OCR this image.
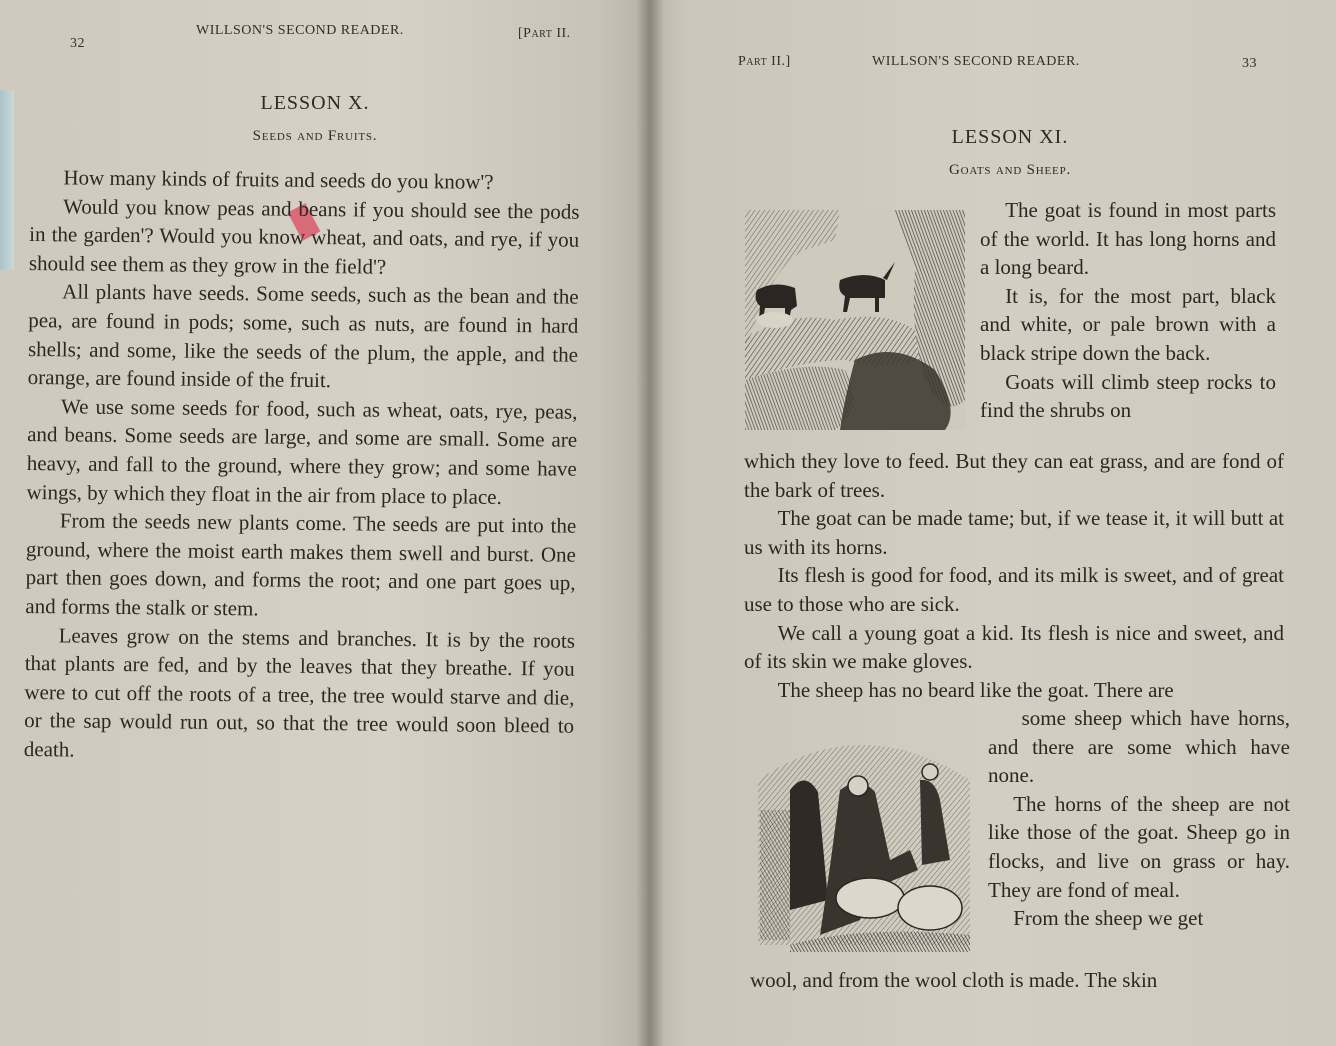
32
WILLSON'S SECOND READER.	[Part II.
LESSON X.
Seeds and Fruits.

How many kinds of fruits and seeds do you know'?

Would you know peas and beans if you should see the pods in the garden'? Would you know wheat, and oats, and rye, if you should see them as they grow in the field'?

All plants have seeds. Some seeds, such as the bean and the pea, are found in pods; some, such as nuts, are found in hard shells; and some, like the seeds of the plum, the apple, and the orange, are found inside of the fruit.

We use some seeds for food, such as wheat, oats, rye, peas, and beans. Some seeds are large, and some are small. Some are heavy, and fall to the ground, where they grow; and some have wings, by which they float in the air from place to place.

From the seeds new plants come. The seeds are put into the ground, where the moist earth makes them swell and burst. One part then goes down, and forms the root; and one part goes up, and forms the stalk or stem.

Leaves grow on the stems and branches. It is by the roots that plants are fed, and by the leaves that they breathe. If you were to cut off the roots of a tree, the tree would starve and die, or the sap would run out, so that the tree would soon bleed to death.

Part II.]	WILLSON'S SECOND READER.	33
LESSON XI.
Goats and Sheep.

The goat is found in most parts of the world. It has long horns and a long beard.

It is, for the most part, black and white, or pale brown with a black stripe down the back.

Goats will climb steep rocks to find the shrubs on

which they love to feed. But they can eat grass, and are fond of the bark of trees.

The goat can be made tame; but, if we tease it, it will butt at us with its horns.

Its flesh is good for food, and its milk is sweet, and of great use to those who are sick.

We call a young goat a kid. Its flesh is nice and sweet, and of its skin we make gloves.

The sheep has no beard like the goat. There are

some sheep which have horns, and there are some which have none.

The horns of the sheep are not like those of the goat. Sheep go in flocks, and live on grass or hay. They are fond of meal.

From the sheep we get

wool, and from the wool cloth is made. The skin
